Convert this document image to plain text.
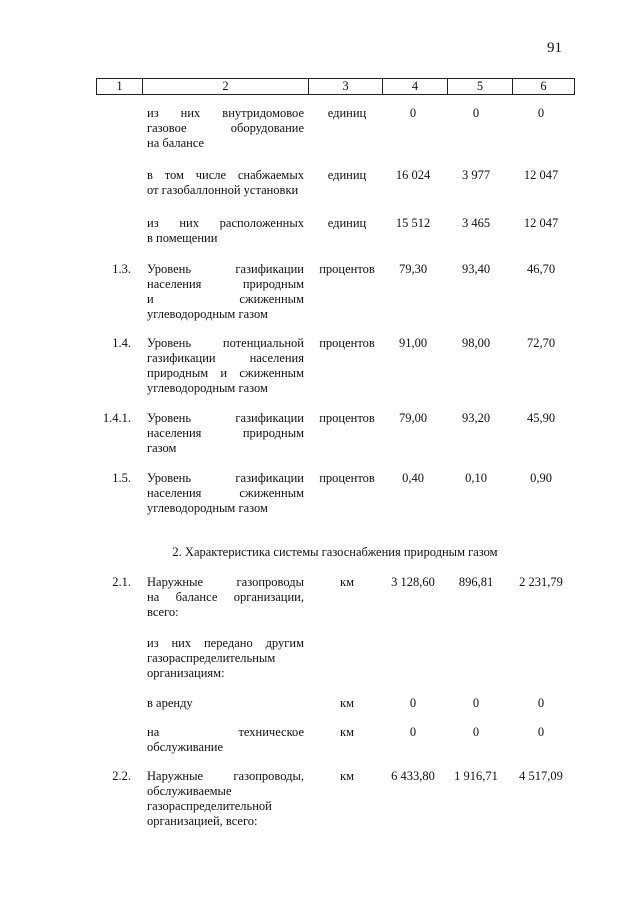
91
1	2	3	4	5	6
из них внутридомовое
газовое оборудование
на балансе
единиц	0	0	0
в том числе снабжаемых
от газобаллонной установки
единиц	16 024	3 977	12 047
из них расположенных
в помещении
единиц	15 512	3 465	12 047
1.3. Уровень газификации
населения природным
и сжиженным
углеводородным газом
процентов	79,30	93,40	46,70
1.4. Уровень потенциальной
газификации населения
природным и сжиженным
углеводородным газом
процентов	91,00	98,00	72,70
1.4.1. Уровень газификации
населения природным
газом
процентов	79,00	93,20	45,90
1.5. Уровень газификации
населения сжиженным
углеводородным газом
процентов	0,40	0,10	0,90
2. Характеристика системы газоснабжения природным газом
2.1. Наружные газопроводы
на балансе организации,
всего:
км	3 128,60	896,81	2 231,79
из них передано другим
газораспределительным
организациям:
в аренду	км	0	0	0
на техническое
обслуживание
км	0	0	0
2.2. Наружные газопроводы,
обслуживаемые
газораспределительной
организацией, всего:
км	6 433,80	1 916,71	4 517,09
